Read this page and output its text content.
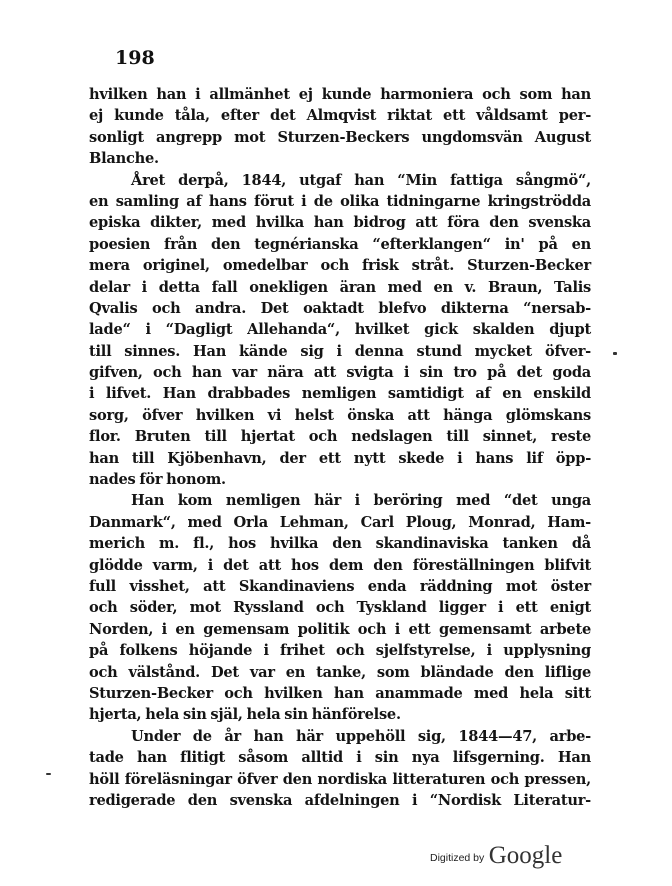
198
hvilken han i allmänhet ej kunde harmoniera och som han
ej kunde tåla, efter det Almqvist riktat ett våldsamt per-
sonligt angrepp mot Sturzen-Beckers ungdomsvän August
Blanche.
Året derpå, 1844, utgaf han “Min fattiga sångmö“,
en samling af hans förut i de olika tidningarne kringströdda
episka dikter, med hvilka han bidrog att föra den svenska
poesien från den tegnérianska “efterklangen“ in' på en
mera originel, omedelbar och frisk stråt. Sturzen-Becker
delar i detta fall onekligen äran med en v. Braun, Talis
Qvalis och andra. Det oaktadt blefvo dikterna “nersab-
lade“ i “Dagligt Allehanda“, hvilket gick skalden djupt
till sinnes. Han kände sig i denna stund mycket öfver-
gifven, och han var nära att svigta i sin tro på det goda
i lifvet. Han drabbades nemligen samtidigt af en enskild
sorg, öfver hvilken vi helst önska att hänga glömskans
flor. Bruten till hjertat och nedslagen till sinnet, reste
han till Kjöbenhavn, der ett nytt skede i hans lif öpp-
nades för honom.
Han kom nemligen här i beröring med “det unga
Danmark“, med Orla Lehman, Carl Ploug, Monrad, Ham-
merich m. fl., hos hvilka den skandinaviska tanken då
glödde varm, i det att hos dem den föreställningen blifvit
full visshet, att Skandinaviens enda räddning mot öster
och söder, mot Ryssland och Tyskland ligger i ett enigt
Norden, i en gemensam politik och i ett gemensamt arbete
på folkens höjande i frihet och sjelfstyrelse, i upplysning
och välstånd. Det var en tanke, som bländade den liflige
Sturzen-Becker och hvilken han anammade med hela sitt
hjerta, hela sin själ, hela sin hänförelse.
Under de år han här uppehöll sig, 1844—47, arbe-
tade han flitigt såsom alltid i sin nya lifsgerning. Han
höll föreläsningar öfver den nordiska litteraturen och pressen,
redigerade den svenska afdelningen i “Nordisk Literatur-
Digitized by Google
